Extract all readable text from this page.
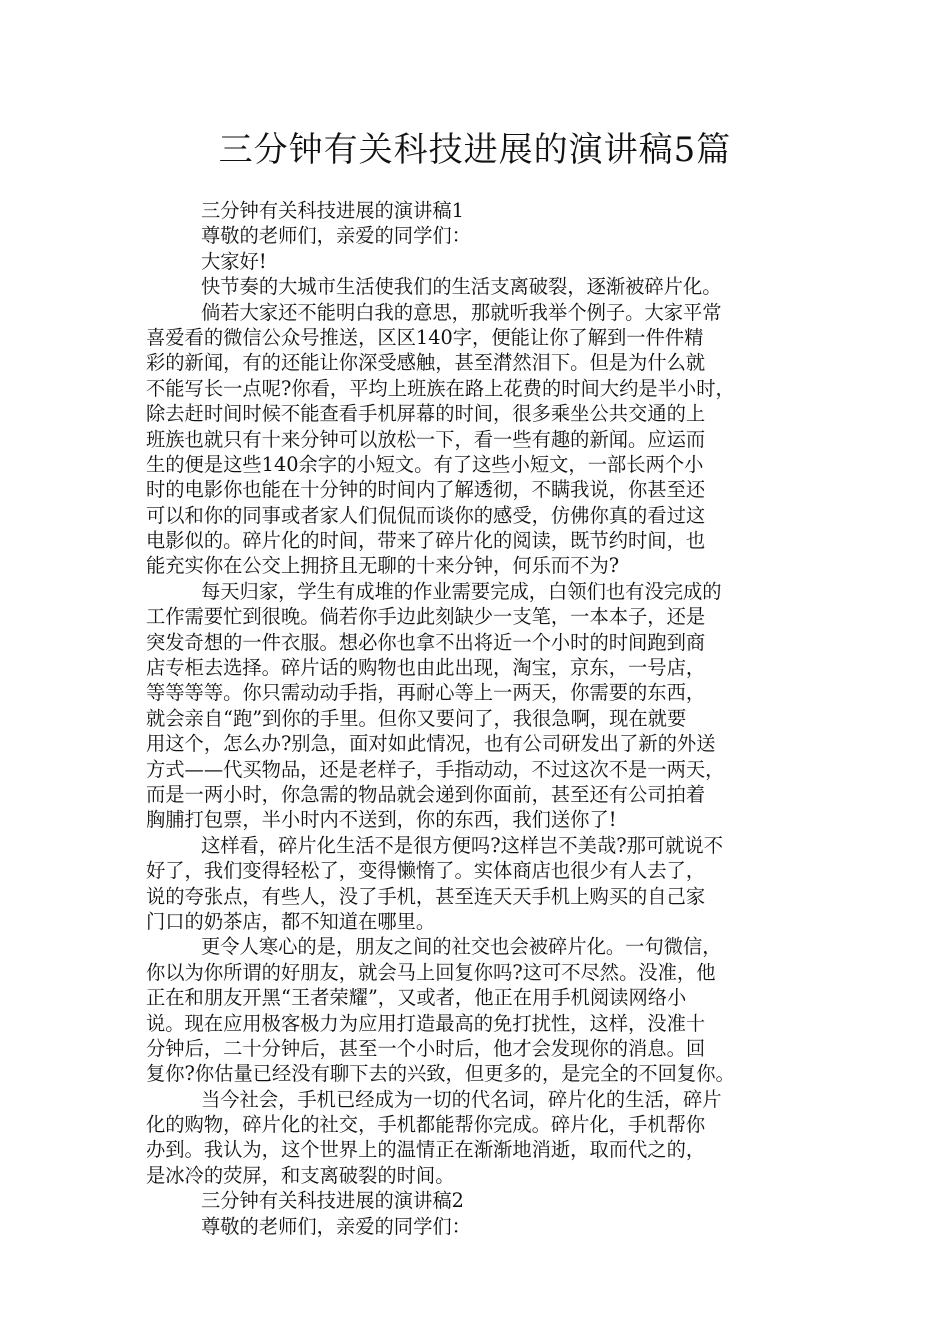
三分钟有关科技进展的演讲稿5篇
三分钟有关科技进展的演讲稿1
尊敬的老师们，亲爱的同学们：
大家好!
快节奏的大城市生活使我们的生活支离破裂，逐渐被碎片化。
倘若大家还不能明白我的意思，那就听我举个例子。大家平常
喜爱看的微信公众号推送，区区140字，便能让你了解到一件件精
彩的新闻，有的还能让你深受感触，甚至潸然泪下。但是为什么就
不能写长一点呢?你看，平均上班族在路上花费的时间大约是半小时，
除去赶时间时候不能查看手机屏幕的时间，很多乘坐公共交通的上
班族也就只有十来分钟可以放松一下，看一些有趣的新闻。应运而
生的便是这些140余字的小短文。有了这些小短文，一部长两个小
时的电影你也能在十分钟的时间内了解透彻，不瞒我说，你甚至还
可以和你的同事或者家人们侃侃而谈你的感受，仿佛你真的看过这
电影似的。碎片化的时间，带来了碎片化的阅读，既节约时间，也
能充实你在公交上拥挤且无聊的十来分钟，何乐而不为?
每天归家，学生有成堆的作业需要完成，白领们也有没完成的
工作需要忙到很晚。倘若你手边此刻缺少一支笔，一本本子，还是
突发奇想的一件衣服。想必你也拿不出将近一个小时的时间跑到商
店专柜去选择。碎片话的购物也由此出现，淘宝，京东，一号店，
等等等等。你只需动动手指，再耐心等上一两天，你需要的东西，
就会亲自“跑”到你的手里。但你又要问了，我很急啊，现在就要
用这个，怎么办?别急，面对如此情况，也有公司研发出了新的外送
方式——代买物品，还是老样子，手指动动，不过这次不是一两天，
而是一两小时，你急需的物品就会递到你面前，甚至还有公司拍着
胸脯打包票，半小时内不送到，你的东西，我们送你了!
这样看，碎片化生活不是很方便吗?这样岂不美哉?那可就说不
好了，我们变得轻松了，变得懒惰了。实体商店也很少有人去了，
说的夸张点，有些人，没了手机，甚至连天天手机上购买的自己家
门口的奶茶店，都不知道在哪里。
更令人寒心的是，朋友之间的社交也会被碎片化。一句微信，
你以为你所谓的好朋友，就会马上回复你吗?这可不尽然。没准，他
正在和朋友开黑“王者荣耀”，又或者，他正在用手机阅读网络小
说。现在应用极客极力为应用打造最高的免打扰性，这样，没准十
分钟后，二十分钟后，甚至一个小时后，他才会发现你的消息。回
复你?你估量已经没有聊下去的兴致，但更多的，是完全的不回复你。
当今社会，手机已经成为一切的代名词，碎片化的生活，碎片
化的购物，碎片化的社交，手机都能帮你完成。碎片化，手机帮你
办到。我认为，这个世界上的温情正在渐渐地消逝，取而代之的，
是冰冷的荧屏，和支离破裂的时间。
三分钟有关科技进展的演讲稿2
尊敬的老师们，亲爱的同学们：
